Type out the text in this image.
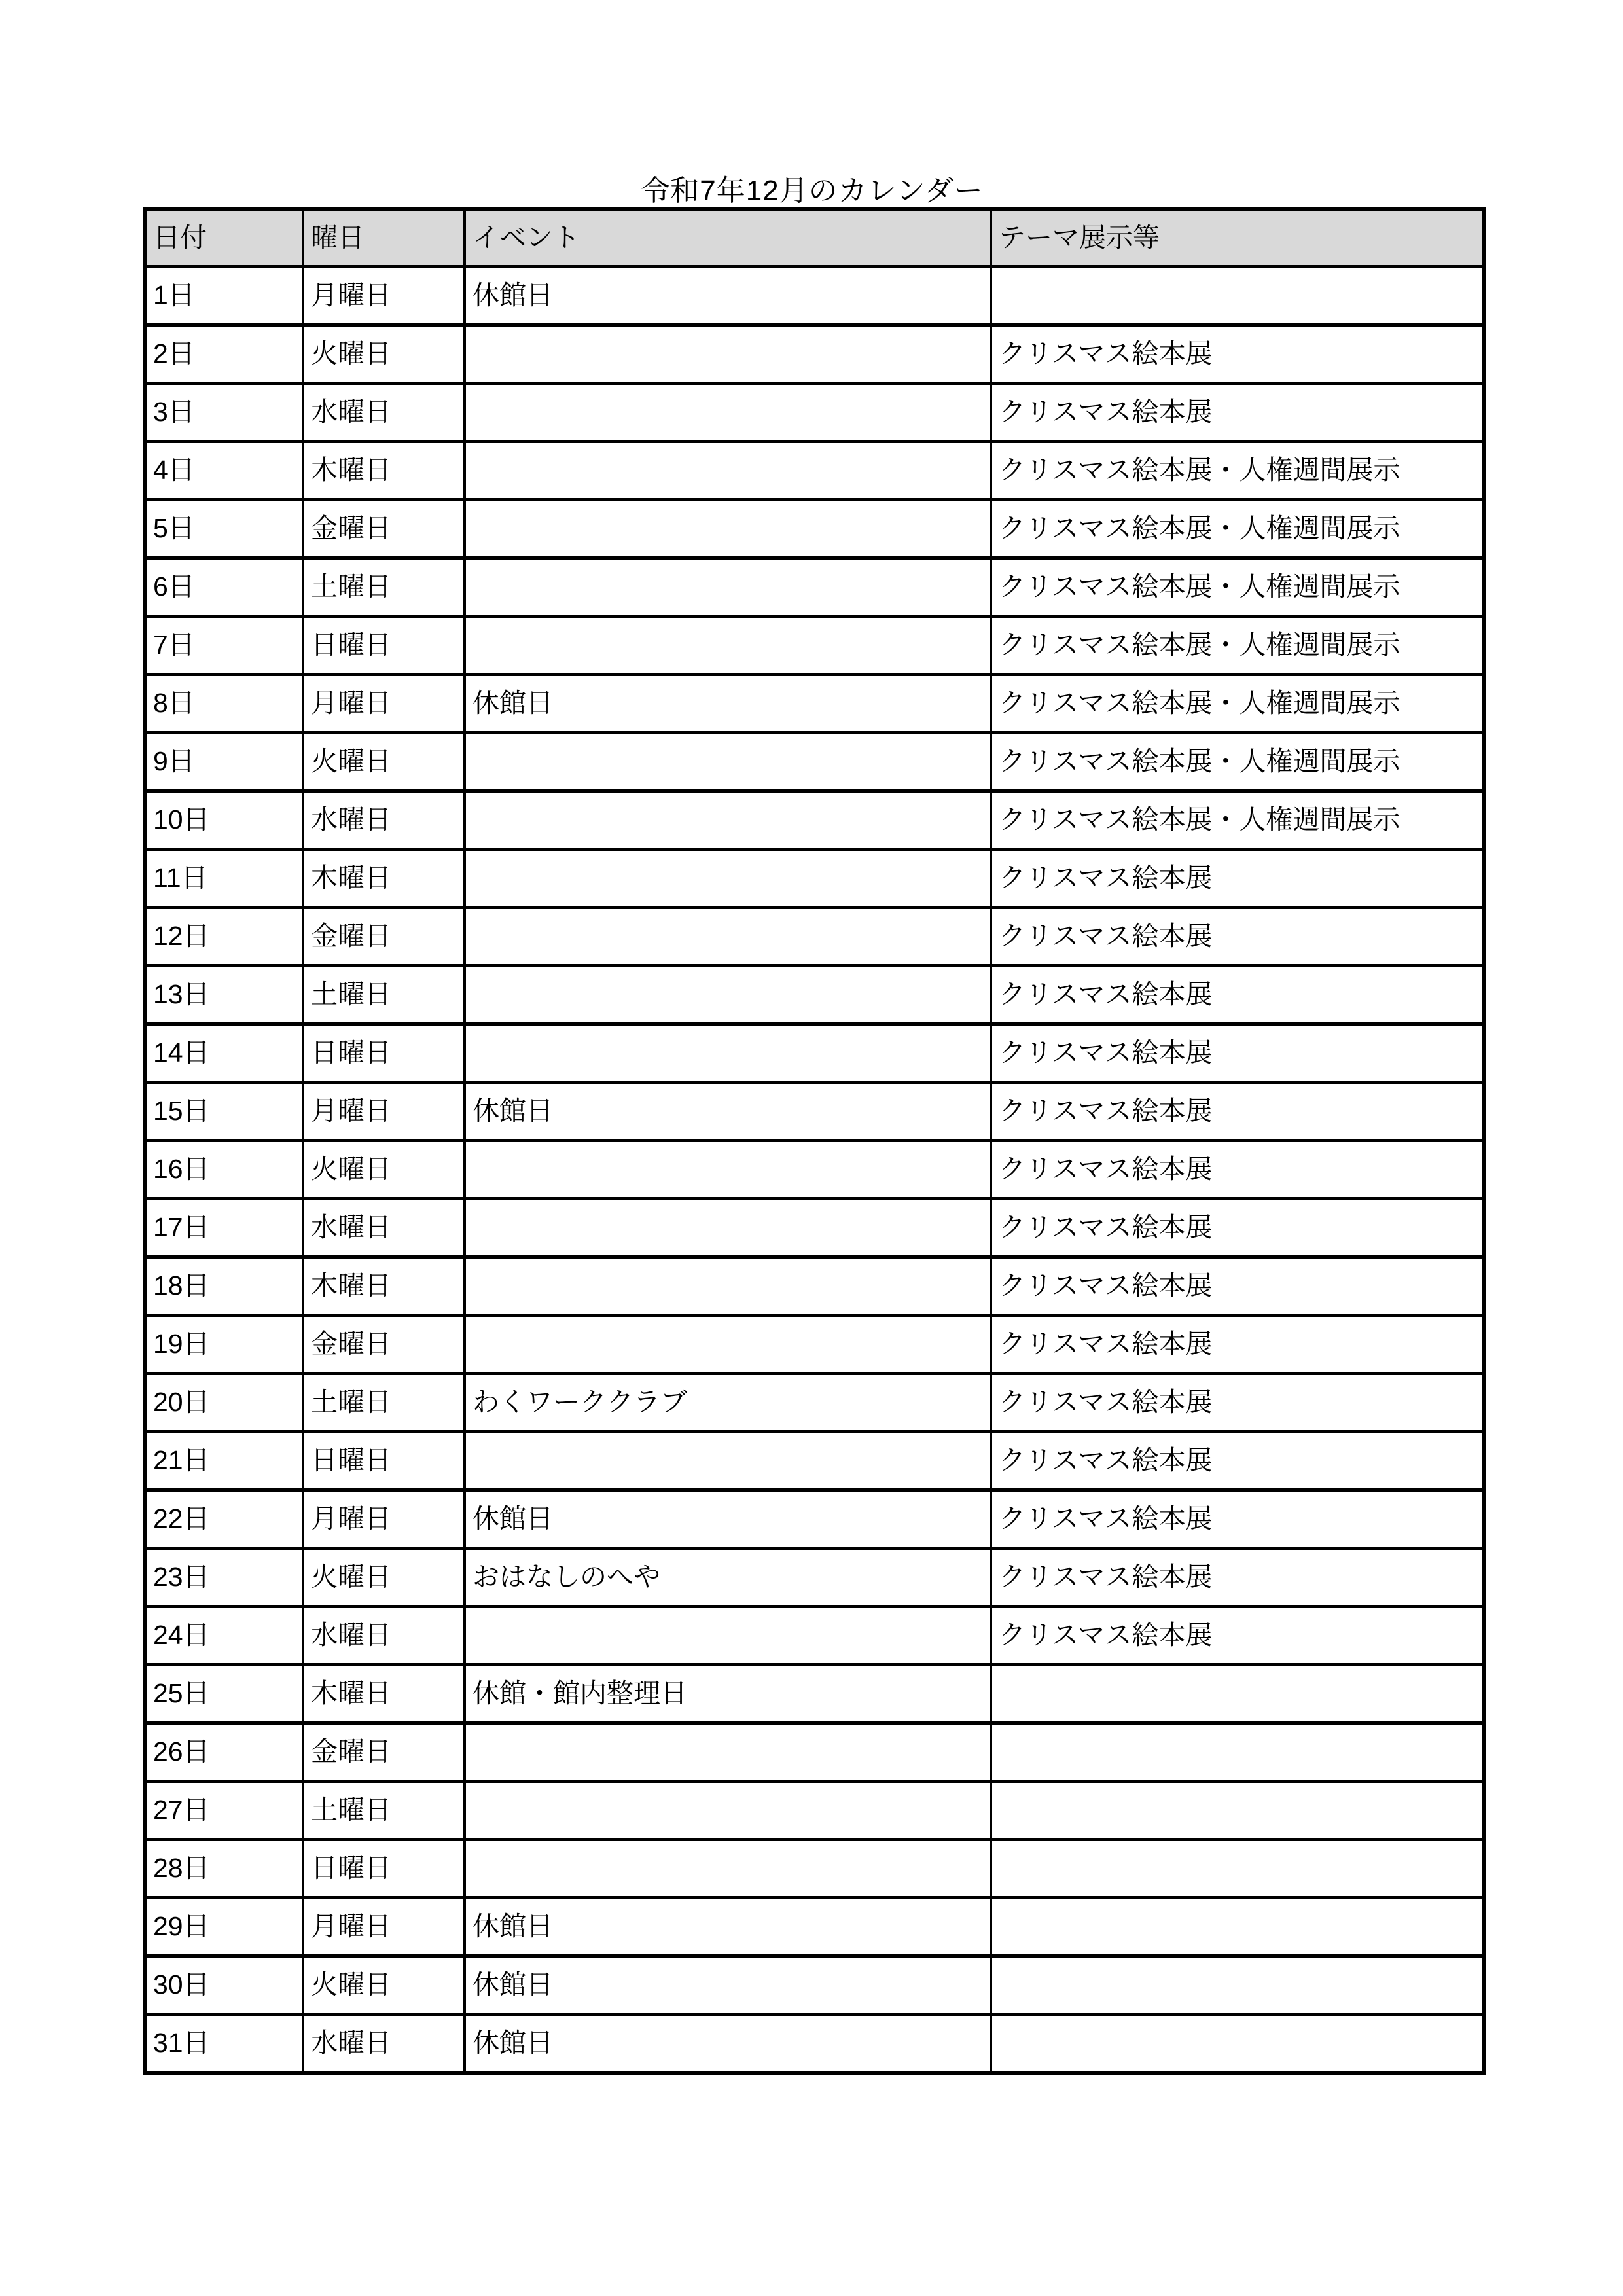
令和7年12月のカレンダー
日付	曜日	イベント	テーマ展示等
1日	月曜日	休館日	
2日	火曜日		クリスマス絵本展
3日	水曜日		クリスマス絵本展
4日	木曜日		クリスマス絵本展・人権週間展示
5日	金曜日		クリスマス絵本展・人権週間展示
6日	土曜日		クリスマス絵本展・人権週間展示
7日	日曜日		クリスマス絵本展・人権週間展示
8日	月曜日	休館日	クリスマス絵本展・人権週間展示
9日	火曜日		クリスマス絵本展・人権週間展示
10日	水曜日		クリスマス絵本展・人権週間展示
11日	木曜日		クリスマス絵本展
12日	金曜日		クリスマス絵本展
13日	土曜日		クリスマス絵本展
14日	日曜日		クリスマス絵本展
15日	月曜日	休館日	クリスマス絵本展
16日	火曜日		クリスマス絵本展
17日	水曜日		クリスマス絵本展
18日	木曜日		クリスマス絵本展
19日	金曜日		クリスマス絵本展
20日	土曜日	わくワーククラブ	クリスマス絵本展
21日	日曜日		クリスマス絵本展
22日	月曜日	休館日	クリスマス絵本展
23日	火曜日	おはなしのへや	クリスマス絵本展
24日	水曜日		クリスマス絵本展
25日	木曜日	休館・館内整理日	
26日	金曜日		
27日	土曜日		
28日	日曜日		
29日	月曜日	休館日	
30日	火曜日	休館日	
31日	水曜日	休館日	
